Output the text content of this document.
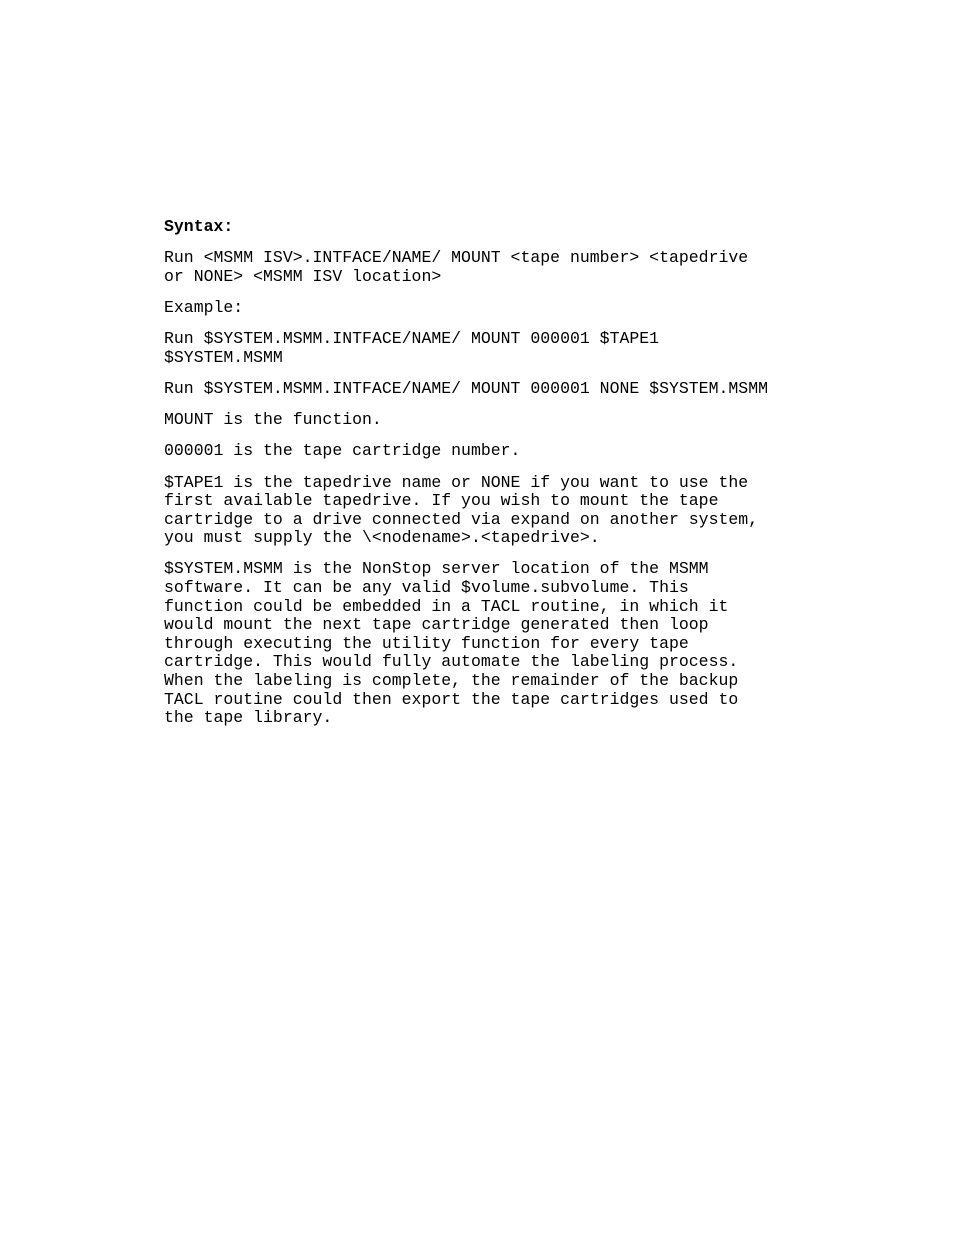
Syntax:
Run <MSMM ISV>.INTFACE/NAME/ MOUNT <tape number> <tapedrive
or NONE> <MSMM ISV location>
Example:
Run $SYSTEM.MSMM.INTFACE/NAME/ MOUNT 000001 $TAPE1
$SYSTEM.MSMM
Run $SYSTEM.MSMM.INTFACE/NAME/ MOUNT 000001 NONE $SYSTEM.MSMM
MOUNT is the function.
000001 is the tape cartridge number.
$TAPE1 is the tapedrive name or NONE if you want to use the
first available tapedrive. If you wish to mount the tape
cartridge to a drive connected via expand on another system,
you must supply the \<nodename>.<tapedrive>.
$SYSTEM.MSMM is the NonStop server location of the MSMM
software. It can be any valid $volume.subvolume. This
function could be embedded in a TACL routine, in which it
would mount the next tape cartridge generated then loop
through executing the utility function for every tape
cartridge. This would fully automate the labeling process.
When the labeling is complete, the remainder of the backup
TACL routine could then export the tape cartridges used to
the tape library.
